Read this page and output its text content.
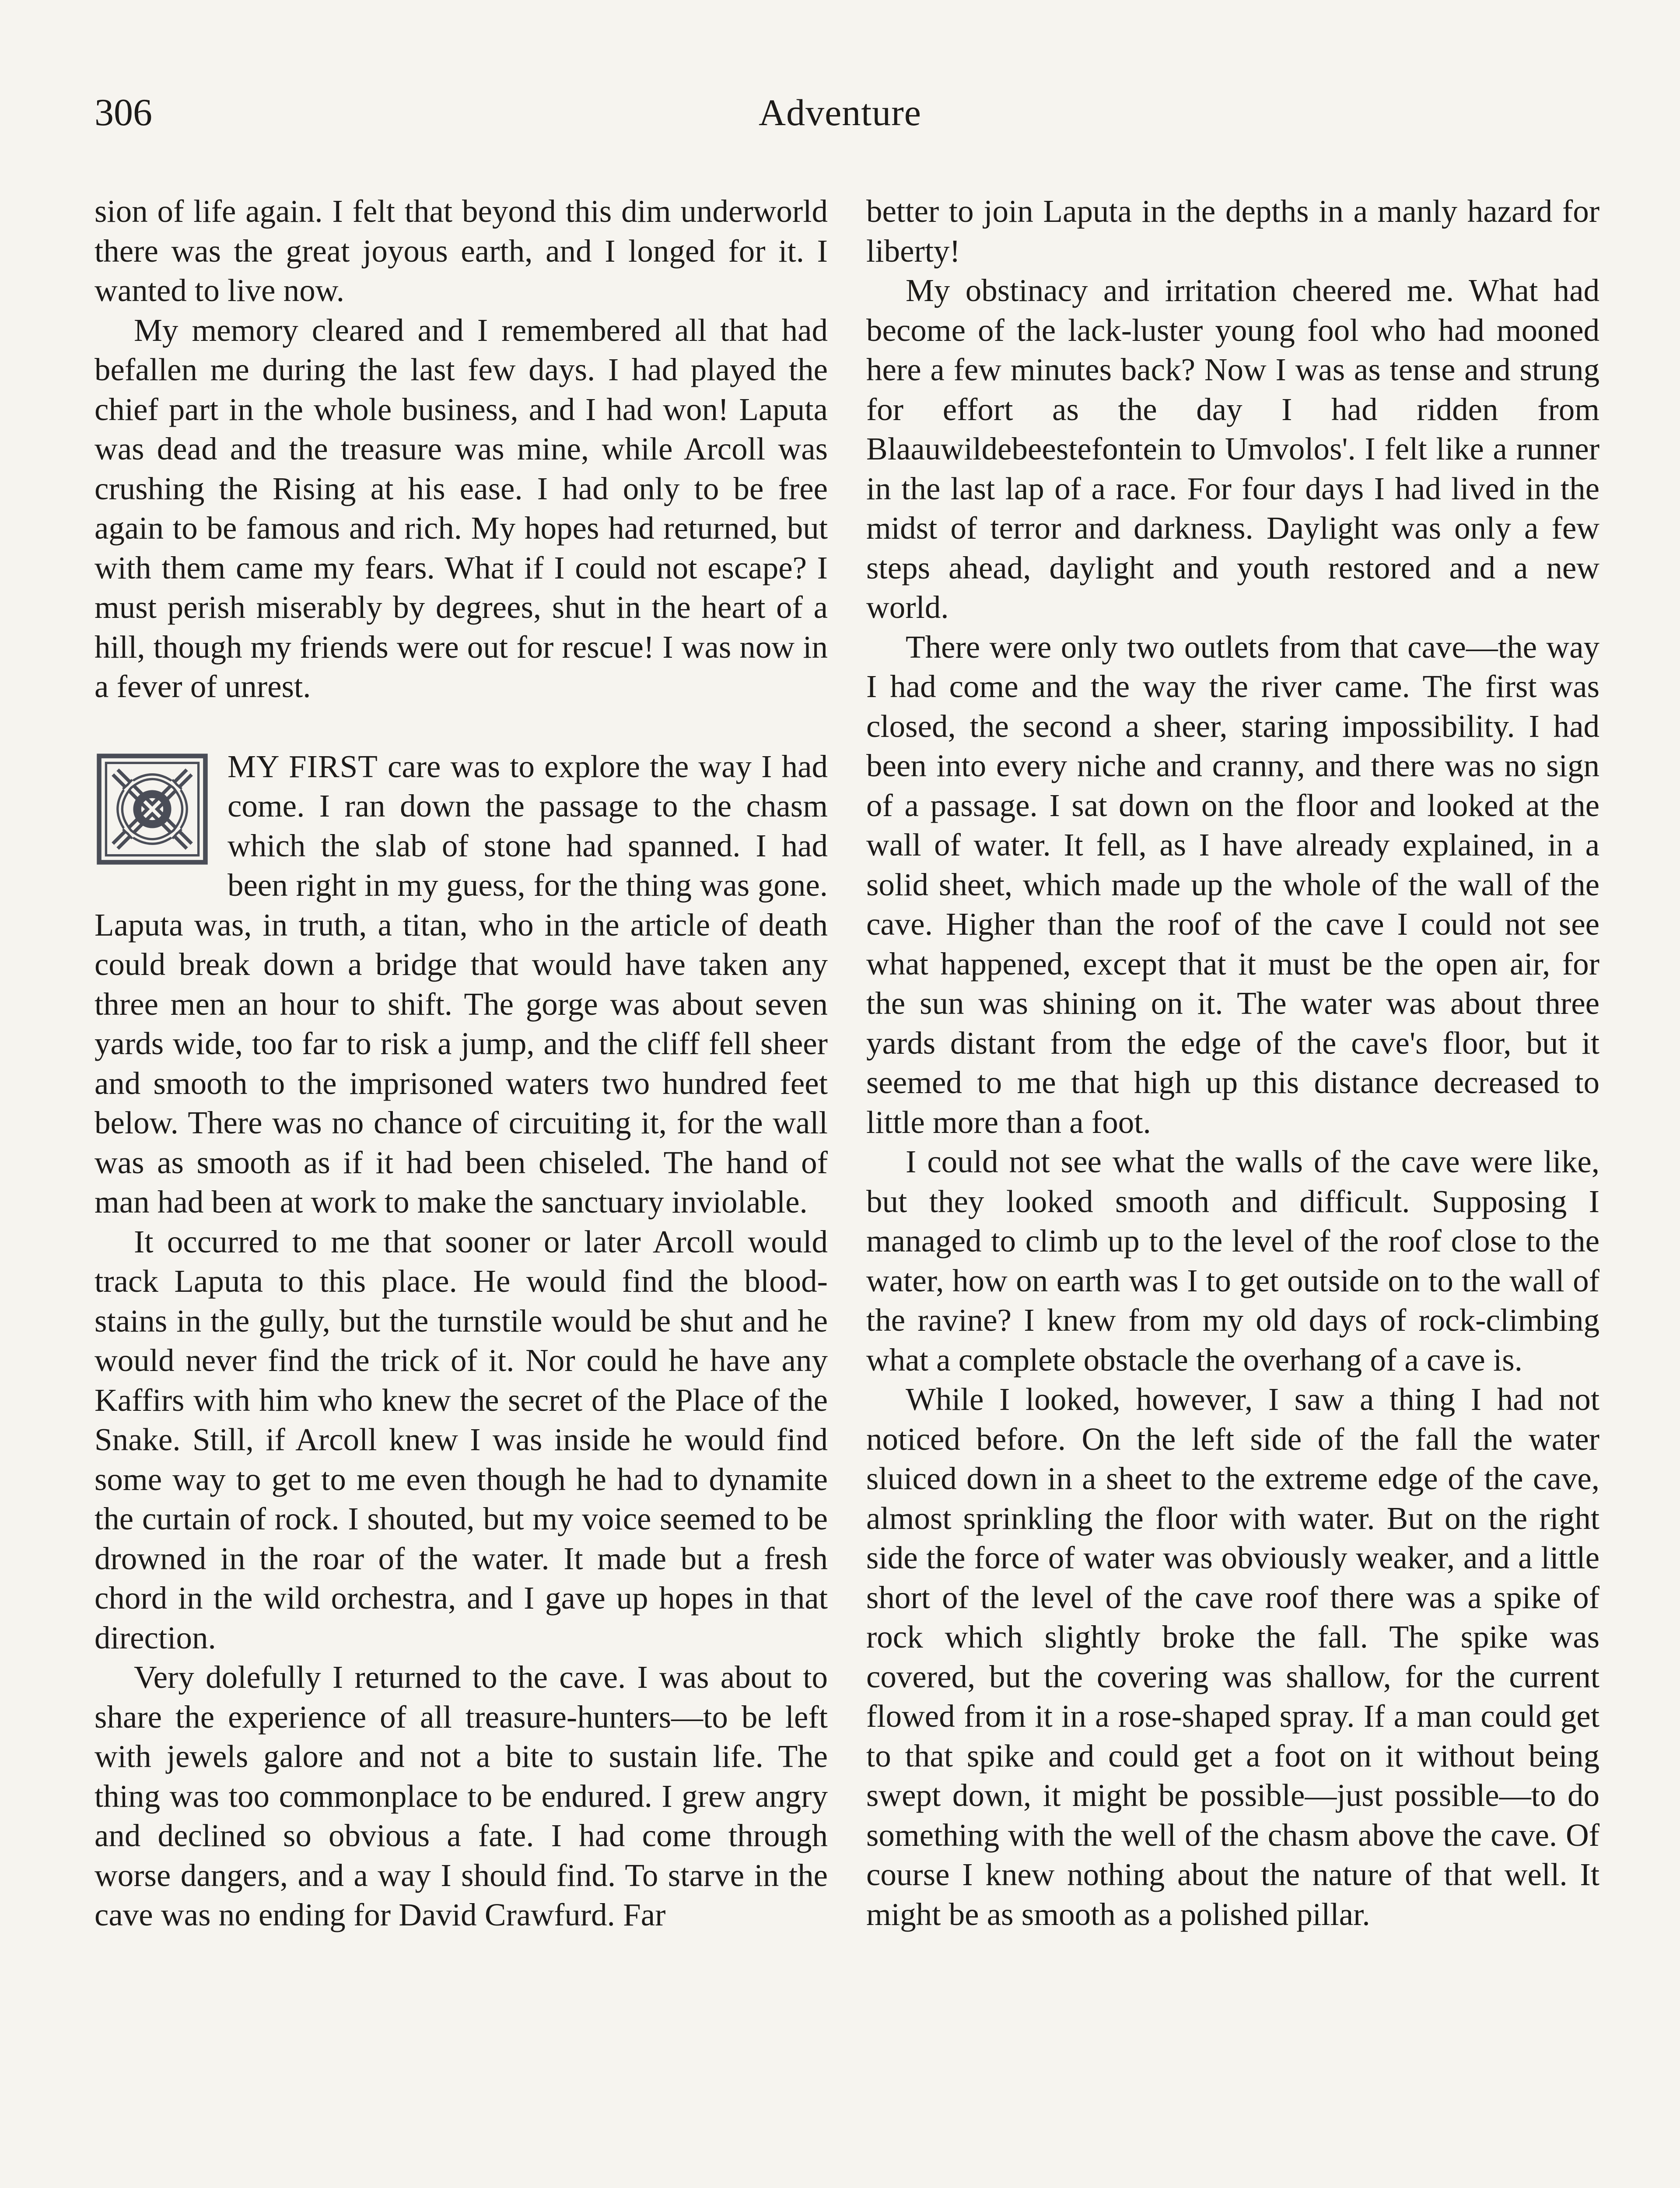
306	Adventure

sion of life again. I felt that beyond this dim underworld there was the great joyous earth, and I longed for it. I wanted to live now.

My memory cleared and I remembered all that had befallen me during the last few days. I had played the chief part in the whole business, and I had won! Laputa was dead and the treasure was mine, while Arcoll was crushing the Rising at his ease. I had only to be free again to be famous and rich. My hopes had returned, but with them came my fears. What if I could not escape? I must perish miserably by degrees, shut in the heart of a hill, though my friends were out for rescue! I was now in a fever of unrest.

MY FIRST care was to explore the way I had come. I ran down the passage to the chasm which the slab of stone had spanned. I had been right in my guess, for the thing was gone. Laputa was, in truth, a titan, who in the article of death could break down a bridge that would have taken any three men an hour to shift. The gorge was about seven yards wide, too far to risk a jump, and the cliff fell sheer and smooth to the imprisoned waters two hundred feet below. There was no chance of circuiting it, for the wall was as smooth as if it had been chiseled. The hand of man had been at work to make the sanctuary inviolable.

It occurred to me that sooner or later Arcoll would track Laputa to this place. He would find the blood-stains in the gully, but the turnstile would be shut and he would never find the trick of it. Nor could he have any Kaffirs with him who knew the secret of the Place of the Snake. Still, if Arcoll knew I was inside he would find some way to get to me even though he had to dynamite the curtain of rock. I shouted, but my voice seemed to be drowned in the roar of the water. It made but a fresh chord in the wild orchestra, and I gave up hopes in that direction.

Very dolefully I returned to the cave. I was about to share the experience of all treasure-hunters—to be left with jewels galore and not a bite to sustain life. The thing was too commonplace to be endured. I grew angry and declined so obvious a fate. I had come through worse dangers, and a way I should find. To starve in the cave was no ending for David Crawfurd. Far

better to join Laputa in the depths in a manly hazard for liberty!

My obstinacy and irritation cheered me. What had become of the lack-luster young fool who had mooned here a few minutes back? Now I was as tense and strung for effort as the day I had ridden from Blaauwildebeestefontein to Umvolos'. I felt like a runner in the last lap of a race. For four days I had lived in the midst of terror and darkness. Daylight was only a few steps ahead, daylight and youth restored and a new world.

There were only two outlets from that cave—the way I had come and the way the river came. The first was closed, the second a sheer, staring impossibility. I had been into every niche and cranny, and there was no sign of a passage. I sat down on the floor and looked at the wall of water. It fell, as I have already explained, in a solid sheet, which made up the whole of the wall of the cave. Higher than the roof of the cave I could not see what happened, except that it must be the open air, for the sun was shining on it. The water was about three yards distant from the edge of the cave's floor, but it seemed to me that high up this distance decreased to little more than a foot.

I could not see what the walls of the cave were like, but they looked smooth and difficult. Supposing I managed to climb up to the level of the roof close to the water, how on earth was I to get outside on to the wall of the ravine? I knew from my old days of rock-climbing what a complete obstacle the overhang of a cave is.

While I looked, however, I saw a thing I had not noticed before. On the left side of the fall the water sluiced down in a sheet to the extreme edge of the cave, almost sprinkling the floor with water. But on the right side the force of water was obviously weaker, and a little short of the level of the cave roof there was a spike of rock which slightly broke the fall. The spike was covered, but the covering was shallow, for the current flowed from it in a rose-shaped spray. If a man could get to that spike and could get a foot on it without being swept down, it might be possible—just possible—to do something with the well of the chasm above the cave. Of course I knew nothing about the nature of that well. It might be as smooth as a polished pillar.
